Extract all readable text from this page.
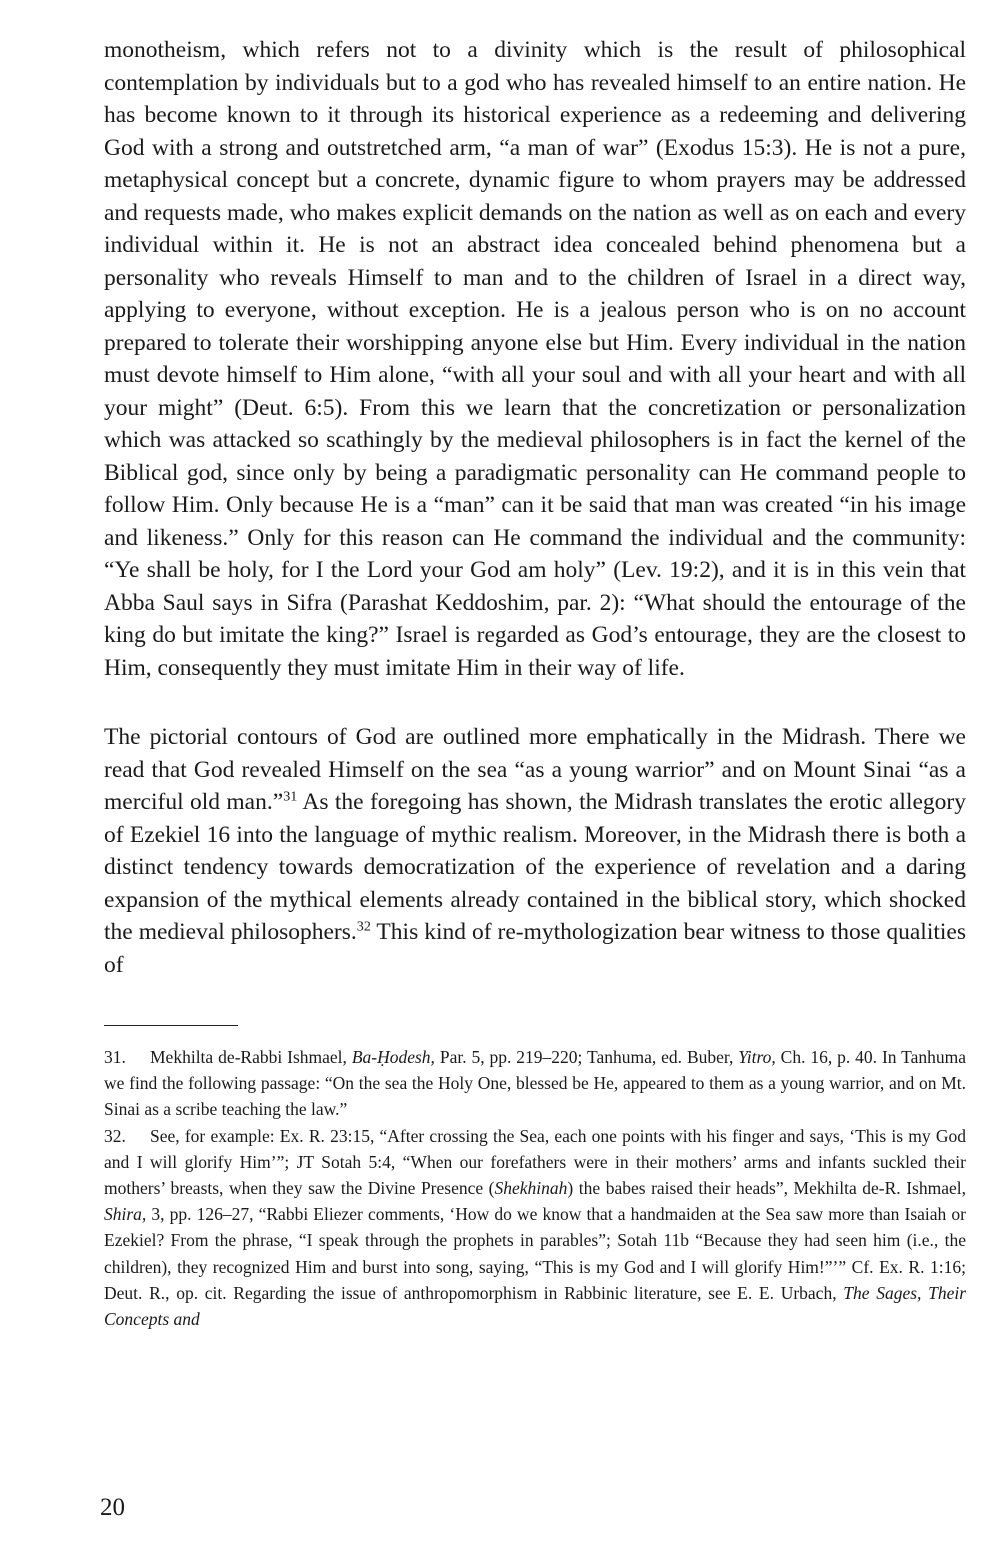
monotheism, which refers not to a divinity which is the result of philosophical contemplation by individuals but to a god who has revealed himself to an entire nation. He has become known to it through its historical experience as a redeeming and delivering God with a strong and outstretched arm, “a man of war” (Exodus 15:3). He is not a pure, metaphysical concept but a concrete, dynamic figure to whom prayers may be addressed and requests made, who makes explicit demands on the nation as well as on each and every individual within it. He is not an abstract idea concealed behind phenomena but a personality who reveals Himself to man and to the children of Israel in a direct way, applying to everyone, without exception. He is a jealous person who is on no account prepared to tolerate their worshipping anyone else but Him. Every individual in the nation must devote himself to Him alone, “with all your soul and with all your heart and with all your might” (Deut. 6:5). From this we learn that the concretization or personalization which was attacked so scathingly by the medieval philosophers is in fact the kernel of the Biblical god, since only by being a paradigmatic personality can He command people to follow Him. Only because He is a “man” can it be said that man was created “in his image and likeness.” Only for this reason can He command the individual and the community: “Ye shall be holy, for I the Lord your God am holy” (Lev. 19:2), and it is in this vein that Abba Saul says in Sifra (Parashat Keddoshim, par. 2): “What should the entourage of the king do but imitate the king?” Israel is regarded as God’s entourage, they are the closest to Him, consequently they must imitate Him in their way of life.

The pictorial contours of God are outlined more emphatically in the Midrash. There we read that God revealed Himself on the sea “as a young warrior” and on Mount Sinai “as a merciful old man.”$^{31}$ As the foregoing has shown, the Midrash translates the erotic allegory of Ezekiel 16 into the language of mythic realism. Moreover, in the Midrash there is both a distinct tendency towards democratization of the experience of revelation and a daring expansion of the mythical elements already contained in the biblical story, which shocked the medieval philosophers.$^{32}$ This kind of re-mythologization bear witness to those qualities of

31. Mekhilta de-Rabbi Ishmael, Ba-Ḥodesh, Par. 5, pp. 219–220; Tanhuma, ed. Buber, Yitro, Ch. 16, p. 40. In Tanhuma we find the following passage: “On the sea the Holy One, blessed be He, appeared to them as a young warrior, and on Mt. Sinai as a scribe teaching the law.”

32. See, for example: Ex. R. 23:15, “After crossing the Sea, each one points with his finger and says, ‘This is my God and I will glorify Him’”; JT Sotah 5:4, “When our forefathers were in their mothers’ arms and infants suckled their mothers’ breasts, when they saw the Divine Presence (Shekhinah) the babes raised their heads”, Mekhilta de-R. Ishmael, Shira, 3, pp. 126–27, “Rabbi Eliezer comments, ‘How do we know that a handmaiden at the Sea saw more than Isaiah or Ezekiel? From the phrase, “I speak through the prophets in parables”; Sotah 11b “Because they had seen him (i.e., the children), they recognized Him and burst into song, saying, “This is my God and I will glorify Him!”’” Cf. Ex. R. 1:16; Deut. R., op. cit. Regarding the issue of anthropomorphism in Rabbinic literature, see E. E. Urbach, The Sages, Their Concepts and

20
